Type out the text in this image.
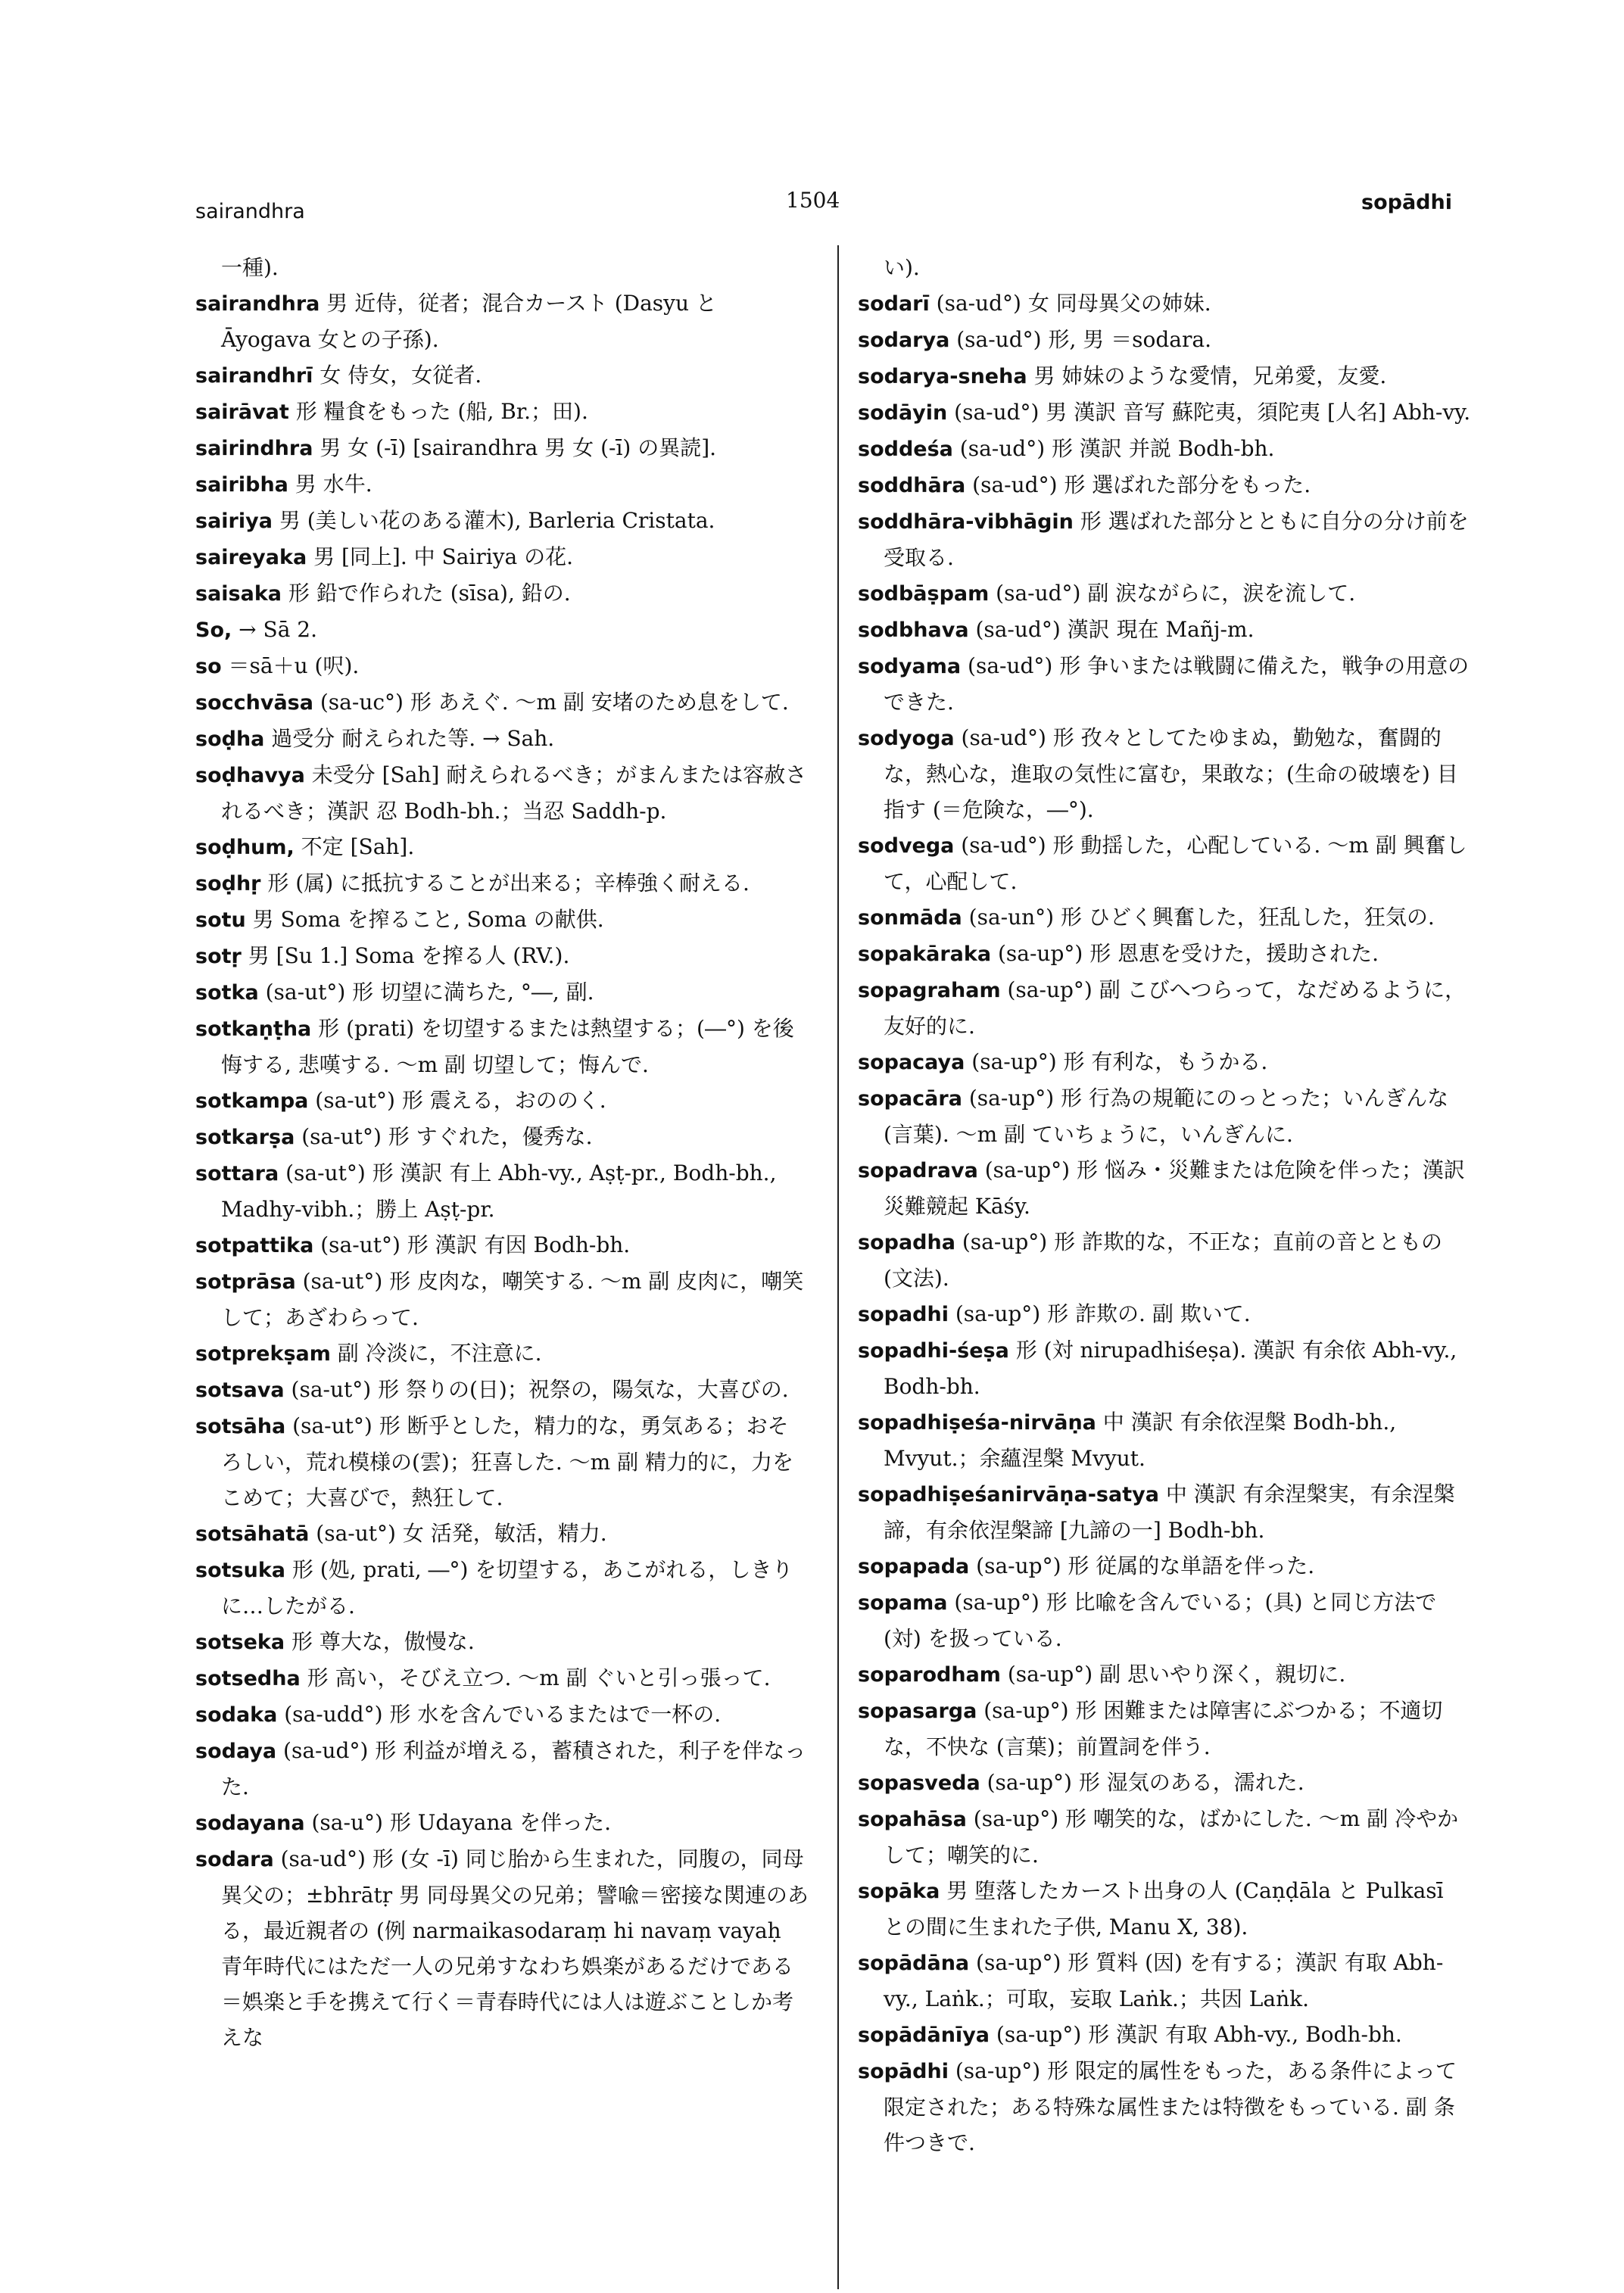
sairandhra	1504	sopādhi

一種).

sairandhra 男 近侍，従者；混合カースト (Dasyu と Āyogava 女との子孫).

sairandhrī 女 侍女，女従者.

sairāvat 形 糧食をもった (船, Br.；田).

sairindhra 男 女 (-ī) [sairandhra 男 女 (-ī) の異読].

sairibha 男 水牛.

sairiya 男 (美しい花のある灌木), Barleria Cristata.

saireyaka 男 [同上]. 中 Sairiya の花.

saisaka 形 鉛で作られた (sīsa), 鉛の.

So, → Sā 2.

so ＝sā＋u (呎).

socchvāsa (sa-uc°) 形 あえぐ. ～m 副 安堵のため息をして.

soḍha 過受分 耐えられた等. → Sah.

soḍhavya 未受分 [Sah] 耐えられるべき；がまんまたは容赦されるべき；漢訳 忍 Bodh-bh.；当忍 Saddh-p.

soḍhum, 不定 [Sah].

soḍhṛ 形 (属) に抵抗することが出来る；辛棒強く耐える.

sotu 男 Soma を搾ること, Soma の献供.

sotṛ 男 [Su 1.] Soma を搾る人 (RV.).

sotka (sa-ut°) 形 切望に満ちた, °―, 副.

sotkaṇṭha 形 (prati) を切望するまたは熱望する；(―°) を後悔する, 悲嘆する. ～m 副 切望して；悔んで.

sotkampa (sa-ut°) 形 震える，おののく.

sotkarṣa (sa-ut°) 形 すぐれた，優秀な.

sottara (sa-ut°) 形 漢訳 有上 Abh-vy., Aṣṭ-pr., Bodh-bh., Madhy-vibh.；勝上 Aṣṭ-pr.

sotpattika (sa-ut°) 形 漢訳 有因 Bodh-bh.

sotprāsa (sa-ut°) 形 皮肉な，嘲笑する. ～m 副 皮肉に，嘲笑して；あざわらって.

sotprekṣam 副 冷淡に，不注意に.

sotsava (sa-ut°) 形 祭りの(日)；祝祭の，陽気な，大喜びの.

sotsāha (sa-ut°) 形 断乎とした，精力的な，勇気ある；おそろしい，荒れ模様の(雲)；狂喜した. ～m 副 精力的に，力をこめて；大喜びで，熱狂して.

sotsāhatā (sa-ut°) 女 活発，敏活，精力.

sotsuka 形 (処, prati, ―°) を切望する，あこがれる，しきりに…したがる.

sotseka 形 尊大な，傲慢な.

sotsedha 形 高い，そびえ立つ. ～m 副 ぐいと引っ張って.

sodaka (sa-udd°) 形 水を含んでいるまたはで一杯の.

sodaya (sa-ud°) 形 利益が増える，蓄積された，利子を伴なった.

sodayana (sa-u°) 形 Udayana を伴った.

sodara (sa-ud°) 形 (女 -ī) 同じ胎から生まれた，同腹の，同母異父の；±bhrātṛ 男 同母異父の兄弟；譬喩＝密接な関連のある，最近親者の (例 narmaikasodaraṃ hi navaṃ vayaḥ 青年時代にはただ一人の兄弟すなわち娯楽があるだけである＝娯楽と手を携えて行く＝青春時代には人は遊ぶことしか考えな

い).

sodarī (sa-ud°) 女 同母異父の姉妹.

sodarya (sa-ud°) 形, 男 ＝sodara.

sodarya-sneha 男 姉妹のような愛情，兄弟愛，友愛.

sodāyin (sa-ud°) 男 漢訳 音写 蘇陀夷，須陀夷 [人名] Abh-vy.

soddeśa (sa-ud°) 形 漢訳 并説 Bodh-bh.

soddhāra (sa-ud°) 形 選ばれた部分をもった.

soddhāra-vibhāgin 形 選ばれた部分とともに自分の分け前を受取る.

sodbāṣpam (sa-ud°) 副 涙ながらに，涙を流して.

sodbhava (sa-ud°) 漢訳 現在 Mañj-m.

sodyama (sa-ud°) 形 争いまたは戦闘に備えた，戦争の用意のできた.

sodyoga (sa-ud°) 形 孜々としてたゆまぬ，勤勉な，奮闘的な，熱心な，進取の気性に富む，果敢な；(生命の破壊を) 目指す (＝危険な，―°).

sodvega (sa-ud°) 形 動揺した，心配している. ～m 副 興奮して，心配して.

sonmāda (sa-un°) 形 ひどく興奮した，狂乱した，狂気の.

sopakāraka (sa-up°) 形 恩恵を受けた，援助された.

sopagraham (sa-up°) 副 こびへつらって，なだめるように，友好的に.

sopacaya (sa-up°) 形 有利な，もうかる.

sopacāra (sa-up°) 形 行為の規範にのっとった；いんぎんな (言葉). ～m 副 ていちょうに，いんぎんに.

sopadrava (sa-up°) 形 悩み・災難または危険を伴った；漢訳 災難競起 Kāśy.

sopadha (sa-up°) 形 詐欺的な，不正な；直前の音とともの (文法).

sopadhi (sa-up°) 形 詐欺の. 副 欺いて.

sopadhi-śeṣa 形 (対 nirupadhiśeṣa). 漢訳 有余依 Abh-vy., Bodh-bh.

sopadhiṣeśa-nirvāṇa 中 漢訳 有余依涅槃 Bodh-bh., Mvyut.；余蘊涅槃 Mvyut.

sopadhiṣeśanirvāṇa-satya 中 漢訳 有余涅槃実，有余涅槃諦，有余依涅槃諦 [九諦の一] Bodh-bh.

sopapada (sa-up°) 形 従属的な単語を伴った.

sopama (sa-up°) 形 比喩を含んでいる；(具) と同じ方法で (対) を扱っている.

soparodham (sa-up°) 副 思いやり深く，親切に.

sopasarga (sa-up°) 形 困難または障害にぶつかる；不適切な，不快な (言葉)；前置詞を伴う.

sopasveda (sa-up°) 形 湿気のある，濡れた.

sopahāsa (sa-up°) 形 嘲笑的な，ばかにした. ～m 副 冷やかして；嘲笑的に.

sopāka 男 堕落したカースト出身の人 (Caṇḍāla と Pulkasī との間に生まれた子供, Manu X, 38).

sopādāna (sa-up°) 形 質料 (因) を有する；漢訳 有取 Abh-vy., Laṅk.；可取，妄取 Laṅk.；共因 Laṅk.

sopādānīya (sa-up°) 形 漢訳 有取 Abh-vy., Bodh-bh.

sopādhi (sa-up°) 形 限定的属性をもった，ある条件によって限定された；ある特殊な属性または特徴をもっている. 副 条件つきで.
